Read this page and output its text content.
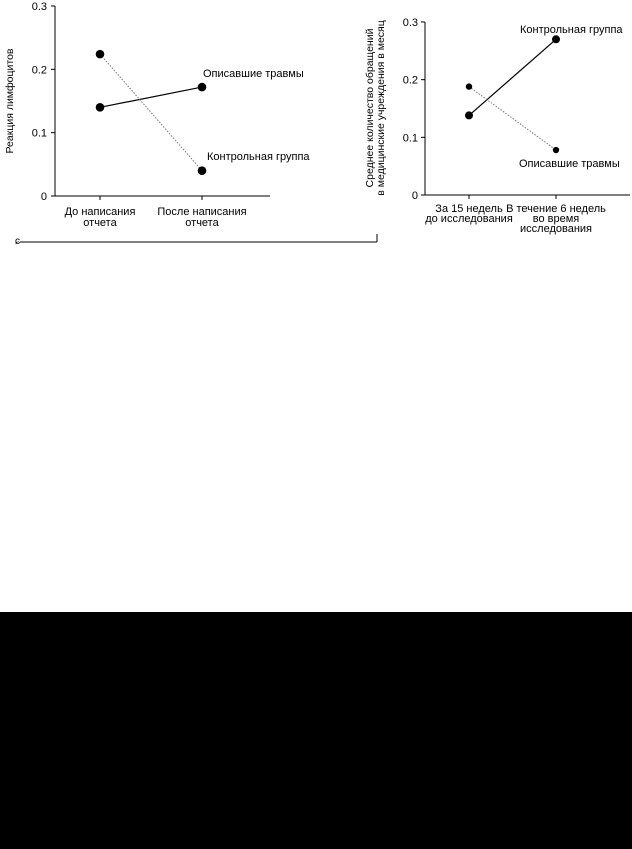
0
0.1
0.2
0.3
До написания
отчета
После написания
отчета
Описавшие травмы
Контрольная группа
Реакция лимфоцитов
ɕ
0
0.1
0.2
0.3
За 15 недель
до исследования
В течение 6 недель
во время
исследования
Контрольная группа
Описавшие травмы
Среднее количество обращений в медицинские учреждения в месяц
